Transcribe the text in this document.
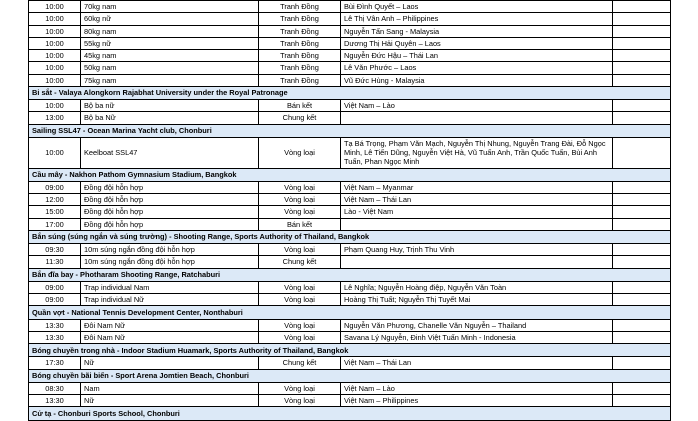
10:00	70kg nam	Tranh Đồng	Bùi Đình Quyết – Laos	
10:00	60kg nữ	Tranh Đồng	Lê Thị Vân Anh – Philippines	
10:00	80kg nam	Tranh Đồng	Nguyễn Tấn Sang - Malaysia	
10:00	55kg nữ	Tranh Đồng	Dương Thị Hải Quyên – Laos	
10:00	45kg nam	Tranh Đồng	Nguyễn Đức Hậu – Thái Lan	
10:00	50kg nam	Tranh Đồng	Lê Văn Phước – Laos	
10:00	75kg nam	Tranh Đồng	Vũ Đức Hùng - Malaysia	
Bi sắt - Valaya Alongkorn Rajabhat University under the Royal Patronage				
10:00	Bộ ba nữ	Bán kết	Việt Nam – Lào	
13:00	Bộ ba Nữ	Chung kết		
Sailing SSL47 - Ocean Marina Yacht club, Chonburi				
10:00	Keelboat SSL47	Vòng loại	Tạ Bá Trọng, Phạm Văn Mạch, Nguyễn Thị Nhung, Nguyễn Trang Đài, Đỗ Ngọc Minh, Lê Tiến Dũng, Nguyễn Việt Hà, Vũ Tuấn Anh, Trần Quốc Tuấn, Bùi Anh Tuấn, Phan Ngọc Minh	
Cầu mây - Nakhon Pathom Gymnasium Stadium, Bangkok				
09:00	Đồng đội hỗn hợp	Vòng loại	Việt Nam – Myanmar	
12:00	Đồng đội hỗn hợp	Vòng loại	Việt Nam – Thái Lan	
15:00	Đồng đội hỗn hợp	Vòng loại	Lào - Việt Nam	
17:00	Đồng đội hỗn hợp	Bán kết		
Bắn súng (súng ngắn và súng trường) - Shooting Range, Sports Authority of Thailand, Bangkok				
09:30	10m súng ngắn đồng đội hỗn hợp	Vòng loại	Phạm Quang Huy, Trịnh Thu Vinh	
11:30	10m súng ngắn đồng đội hỗn hợp	Chung kết		
Bắn đĩa bay - Photharam Shooting Range, Ratchaburi				
09:00	Trap individual Nam	Vòng loại	Lê Nghĩa; Nguyễn Hoàng điệp, Nguyễn Văn Toàn	
09:00	Trap individual Nữ	Vòng loại	Hoàng Thị Tuất; Nguyễn Thị Tuyết Mai	
Quần vợt - National Tennis Development Center, Nonthaburi				
13:30	Đôi Nam Nữ	Vòng loại	Nguyễn Văn Phương, Chanelle Văn Nguyễn – Thailand	
13:30	Đôi Nam Nữ	Vòng loại	Savana Lý Nguyễn, Đinh Việt Tuấn Minh - Indonesia	
Bóng chuyền trong nhà - Indoor Stadium Huamark, Sports Authority of Thailand, Bangkok				
17:30	Nữ	Chung kết	Việt Nam – Thái Lan	
Bóng chuyền bãi biển - Sport Arena Jomtien Beach, Chonburi				
08:30	Nam	Vòng loại	Việt Nam – Lào	
13:30	Nữ	Vòng loại	Việt Nam – Philippines	
Cử tạ - Chonburi Sports School, Chonburi				
